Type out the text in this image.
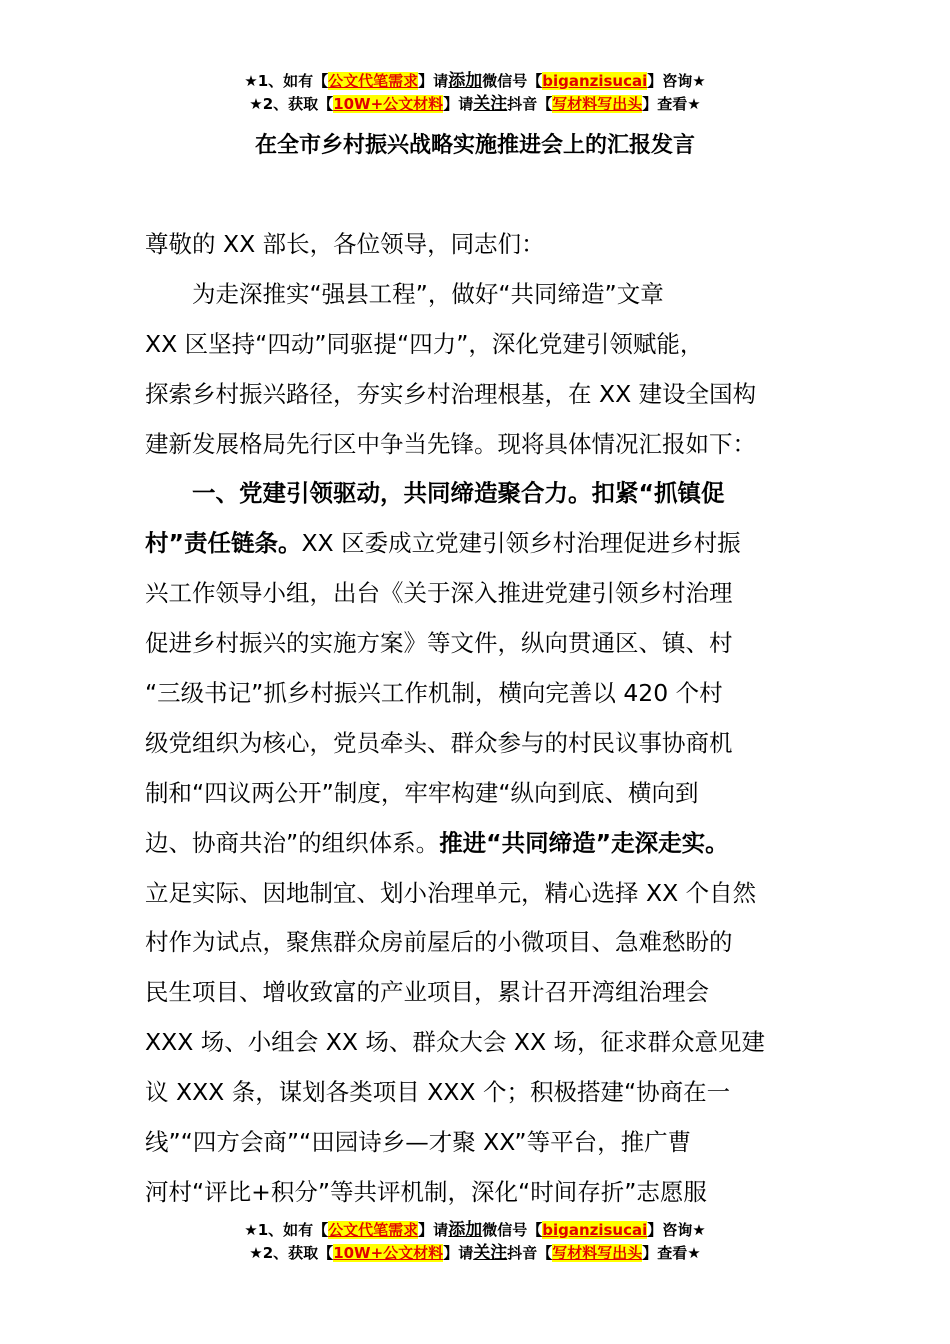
★1、如有【公文代笔需求】请添加微信号【biganzisucai】咨询★
★2、获取【10W+公文材料】请关注抖音【写材料写出头】查看★
在全市乡村振兴战略实施推进会上的汇报发言
尊敬的 XX 部长，各位领导，同志们：
　　为走深推实“强县工程”，做好“共同缔造”文章
XX 区坚持“四动”同驱提“四力”，深化党建引领赋能，
探索乡村振兴路径，夯实乡村治理根基，在 XX 建设全国构
建新发展格局先行区中争当先锋。现将具体情况汇报如下：
　　一、党建引领驱动，共同缔造聚合力。扣紧“抓镇促
村”责任链条。XX 区委成立党建引领乡村治理促进乡村振
兴工作领导小组，出台《关于深入推进党建引领乡村治理
促进乡村振兴的实施方案》等文件，纵向贯通区、镇、村
“三级书记”抓乡村振兴工作机制，横向完善以 420 个村
级党组织为核心，党员牵头、群众参与的村民议事协商机
制和“四议两公开”制度，牢牢构建“纵向到底、横向到
边、协商共治”的组织体系。推进“共同缔造”走深走实。
立足实际、因地制宜、划小治理单元，精心选择 XX 个自然
村作为试点，聚焦群众房前屋后的小微项目、急难愁盼的
民生项目、增收致富的产业项目，累计召开湾组治理会
XXX 场、小组会 XX 场、群众大会 XX 场，征求群众意见建
议 XXX 条，谋划各类项目 XXX 个；积极搭建“协商在一
线”“四方会商”“田园诗乡—才聚 XX”等平台，推广曹
河村“评比+积分”等共评机制，深化“时间存折”志愿服
★1、如有【公文代笔需求】请添加微信号【biganzisucai】咨询★
★2、获取【10W+公文材料】请关注抖音【写材料写出头】查看★
